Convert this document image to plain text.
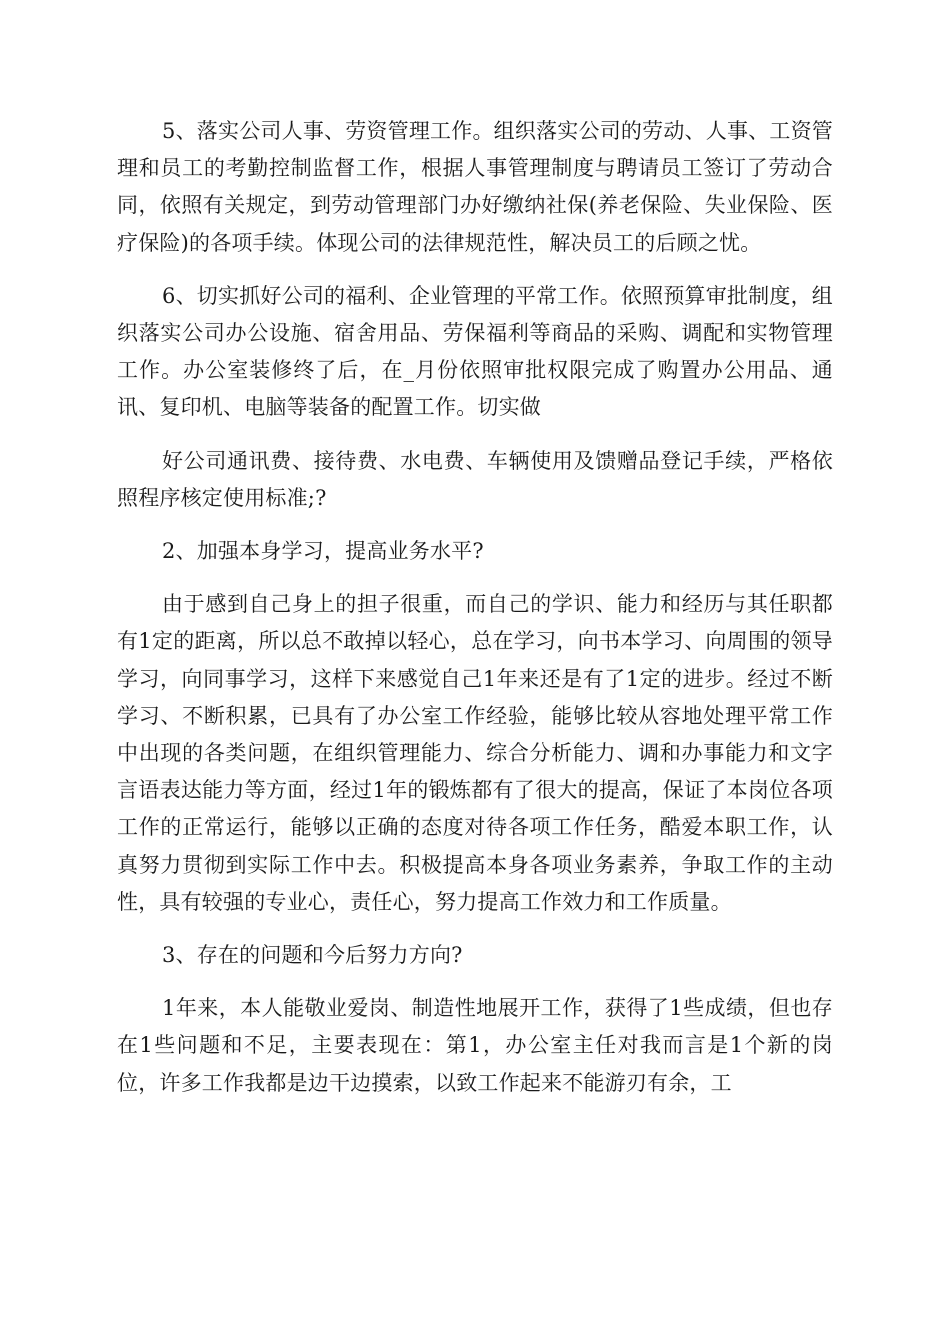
5、落实公司人事、劳资管理工作。组织落实公司的劳动、人事、工资管理和员工的考勤控制监督工作，根据人事管理制度与聘请员工签订了劳动合同，依照有关规定，到劳动管理部门办好缴纳社保(养老保险、失业保险、医疗保险)的各项手续。体现公司的法律规范性，解决员工的后顾之忧。

6、切实抓好公司的福利、企业管理的平常工作。依照预算审批制度，组织落实公司办公设施、宿舍用品、劳保福利等商品的采购、调配和实物管理工作。办公室装修终了后，在_月份依照审批权限完成了购置办公用品、通讯、复印机、电脑等装备的配置工作。切实做

好公司通讯费、接待费、水电费、车辆使用及馈赠品登记手续，严格依照程序核定使用标准;?

2、加强本身学习，提高业务水平?

由于感到自己身上的担子很重，而自己的学识、能力和经历与其任职都有1定的距离，所以总不敢掉以轻心，总在学习，向书本学习、向周围的领导学习，向同事学习，这样下来感觉自己1年来还是有了1定的进步。经过不断学习、不断积累，已具有了办公室工作经验，能够比较从容地处理平常工作中出现的各类问题，在组织管理能力、综合分析能力、调和办事能力和文字言语表达能力等方面，经过1年的锻炼都有了很大的提高，保证了本岗位各项工作的正常运行，能够以正确的态度对待各项工作任务，酷爱本职工作，认真努力贯彻到实际工作中去。积极提高本身各项业务素养，争取工作的主动性，具有较强的专业心，责任心，努力提高工作效力和工作质量。

3、存在的问题和今后努力方向?

1年来，本人能敬业爱岗、制造性地展开工作，获得了1些成绩，但也存在1些问题和不足，主要表现在：第1，办公室主任对我而言是1个新的岗位，许多工作我都是边干边摸索，以致工作起来不能游刃有余，工
